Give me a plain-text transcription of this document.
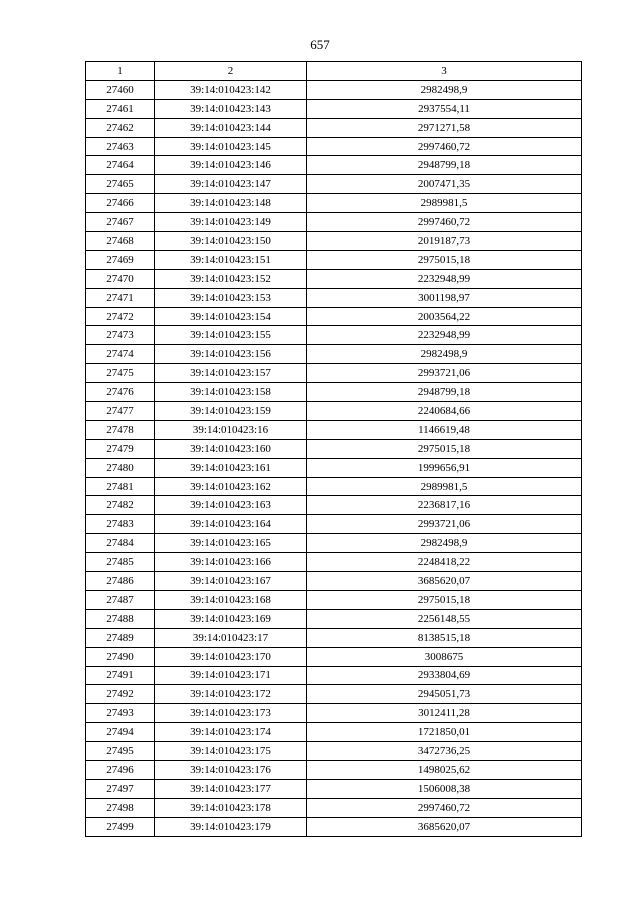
657
1	2	3
27460	39:14:010423:142	2982498,9
27461	39:14:010423:143	2937554,11
27462	39:14:010423:144	2971271,58
27463	39:14:010423:145	2997460,72
27464	39:14:010423:146	2948799,18
27465	39:14:010423:147	2007471,35
27466	39:14:010423:148	2989981,5
27467	39:14:010423:149	2997460,72
27468	39:14:010423:150	2019187,73
27469	39:14:010423:151	2975015,18
27470	39:14:010423:152	2232948,99
27471	39:14:010423:153	3001198,97
27472	39:14:010423:154	2003564,22
27473	39:14:010423:155	2232948,99
27474	39:14:010423:156	2982498,9
27475	39:14:010423:157	2993721,06
27476	39:14:010423:158	2948799,18
27477	39:14:010423:159	2240684,66
27478	39:14:010423:16	1146619,48
27479	39:14:010423:160	2975015,18
27480	39:14:010423:161	1999656,91
27481	39:14:010423:162	2989981,5
27482	39:14:010423:163	2236817,16
27483	39:14:010423:164	2993721,06
27484	39:14:010423:165	2982498,9
27485	39:14:010423:166	2248418,22
27486	39:14:010423:167	3685620,07
27487	39:14:010423:168	2975015,18
27488	39:14:010423:169	2256148,55
27489	39:14:010423:17	8138515,18
27490	39:14:010423:170	3008675
27491	39:14:010423:171	2933804,69
27492	39:14:010423:172	2945051,73
27493	39:14:010423:173	3012411,28
27494	39:14:010423:174	1721850,01
27495	39:14:010423:175	3472736,25
27496	39:14:010423:176	1498025,62
27497	39:14:010423:177	1506008,38
27498	39:14:010423:178	2997460,72
27499	39:14:010423:179	3685620,07
